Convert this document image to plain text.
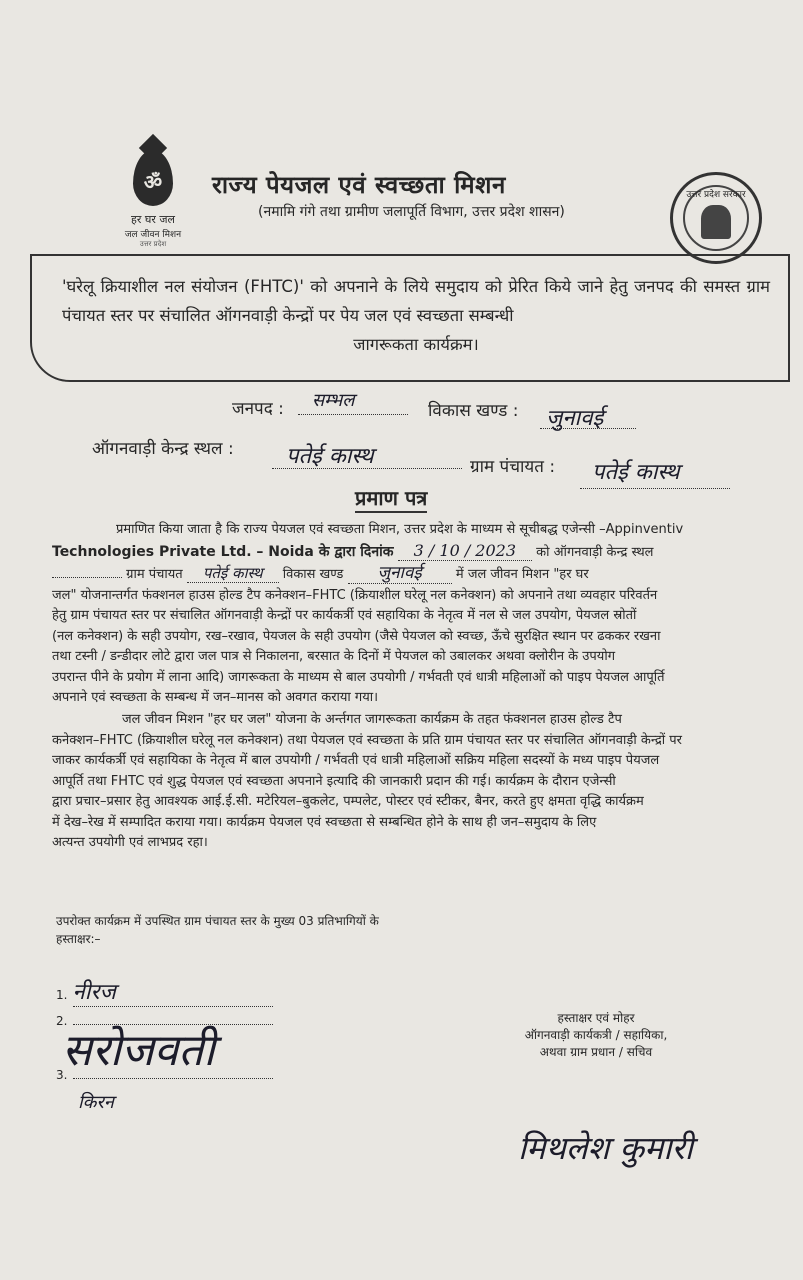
ॐ
हर घर जल
जल जीवन मिशन
उत्तर प्रदेश
राज्य पेयजल एवं स्वच्छता मिशन
(नमामि गंगे तथा ग्रामीण जलापूर्ति विभाग, उत्तर प्रदेश शासन)
उत्तर प्रदेश सरकार
'घरेलू क्रियाशील नल संयोजन (FHTC)' को अपनाने के लिये समुदाय को प्रेरित किये जाने हेतु जनपद की समस्त ग्राम पंचायत स्तर पर संचालित ऑगनवाड़ी केन्द्रों पर पेय जल एवं स्वच्छता सम्बन्धी
जागरूकता कार्यक्रम।
जनपद :	सम्भल	विकास खण्ड : जुनावई
ऑगनवाड़ी केन्द्र स्थल :	पतेई कास्थ	ग्राम पंचायत :	पतेई कास्थ
प्रमाण पत्र
प्रमाणित किया जाता है कि राज्य पेयजल एवं स्वच्छता मिशन, उत्तर प्रदेश के माध्यम से सूचीबद्ध एजेन्सी –Appinventiv
Technologies Private Ltd. – Noida के द्वारा दिनांक 3 / 10 / 2023 को ऑगनवाड़ी केन्द्र स्थल
ग्राम पंचायत पतेई कास्थ विकास खण्ड जुनावई	में जल जीवन मिशन "हर घर
जल" योजनान्तर्गत फंक्शनल हाउस होल्ड टैप कनेक्शन–FHTC (क्रियाशील घरेलू नल कनेक्शन) को अपनाने तथा व्यवहार परिवर्तन
हेतु ग्राम पंचायत स्तर पर संचालित ऑगनवाड़ी केन्द्रों पर कार्यकर्त्री एवं सहायिका के नेतृत्व में नल से जल उपयोग, पेयजल स्रोतों
(नल कनेक्शन) के सही उपयोग, रख–रखाव, पेयजल के सही उपयोग (जैसे पेयजल को स्वच्छ, ऊँचे सुरक्षित स्थान पर ढककर रखना
तथा टस्नी / डन्डीदार लोटे द्वारा जल पात्र से निकालना, बरसात के दिनों में पेयजल को उबालकर अथवा क्लोरीन के उपयोग
उपरान्त पीने के प्रयोग में लाना आदि) जागरूकता के माध्यम से बाल उपयोगी / गर्भवती एवं धात्री महिलाओं को पाइप पेयजल आपूर्ति
अपनाने एवं स्वच्छता के सम्बन्ध में जन–मानस को अवगत कराया गया।
जल जीवन मिशन "हर घर जल" योजना के अर्न्तगत जागरूकता कार्यक्रम के तहत फंक्शनल हाउस होल्ड टैप
कनेक्शन–FHTC (क्रियाशील घरेलू नल कनेक्शन) तथा पेयजल एवं स्वच्छता के प्रति ग्राम पंचायत स्तर पर संचालित ऑगनवाड़ी केन्द्रों पर
जाकर कार्यकर्त्री एवं सहायिका के नेतृत्व में बाल उपयोगी / गर्भवती एवं धात्री महिलाओं सक्रिय महिला सदस्यों के मध्य पाइप पेयजल
आपूर्ति तथा FHTC एवं शुद्ध पेयजल एवं स्वच्छता अपनाने इत्यादि की जानकारी प्रदान की गई। कार्यक्रम के दौरान एजेन्सी
द्वारा प्रचार–प्रसार हेतु आवश्यक आई.ई.सी. मटेरियल–बुकलेट, पम्पलेट, पोस्टर एवं स्टीकर, बैनर, करते हुए क्षमता वृद्धि कार्यक्रम
में देख–रेख में सम्पादित कराया गया। कार्यक्रम पेयजल एवं स्वच्छता से सम्बन्धित होने के साथ ही जन–समुदाय के लिए
अत्यन्त उपयोगी एवं लाभप्रद रहा।
उपरोक्त कार्यक्रम में उपस्थित ग्राम पंचायत स्तर के मुख्य 03 प्रतिभागियों के
हस्ताक्षर:–
1. नीरज
2.
सरोजवती
3.
किरन
हस्ताक्षर एवं मोहर
ऑगनवाड़ी कार्यकत्री / सहायिका,
अथवा ग्राम प्रधान / सचिव
मिथलेश कुमारी
